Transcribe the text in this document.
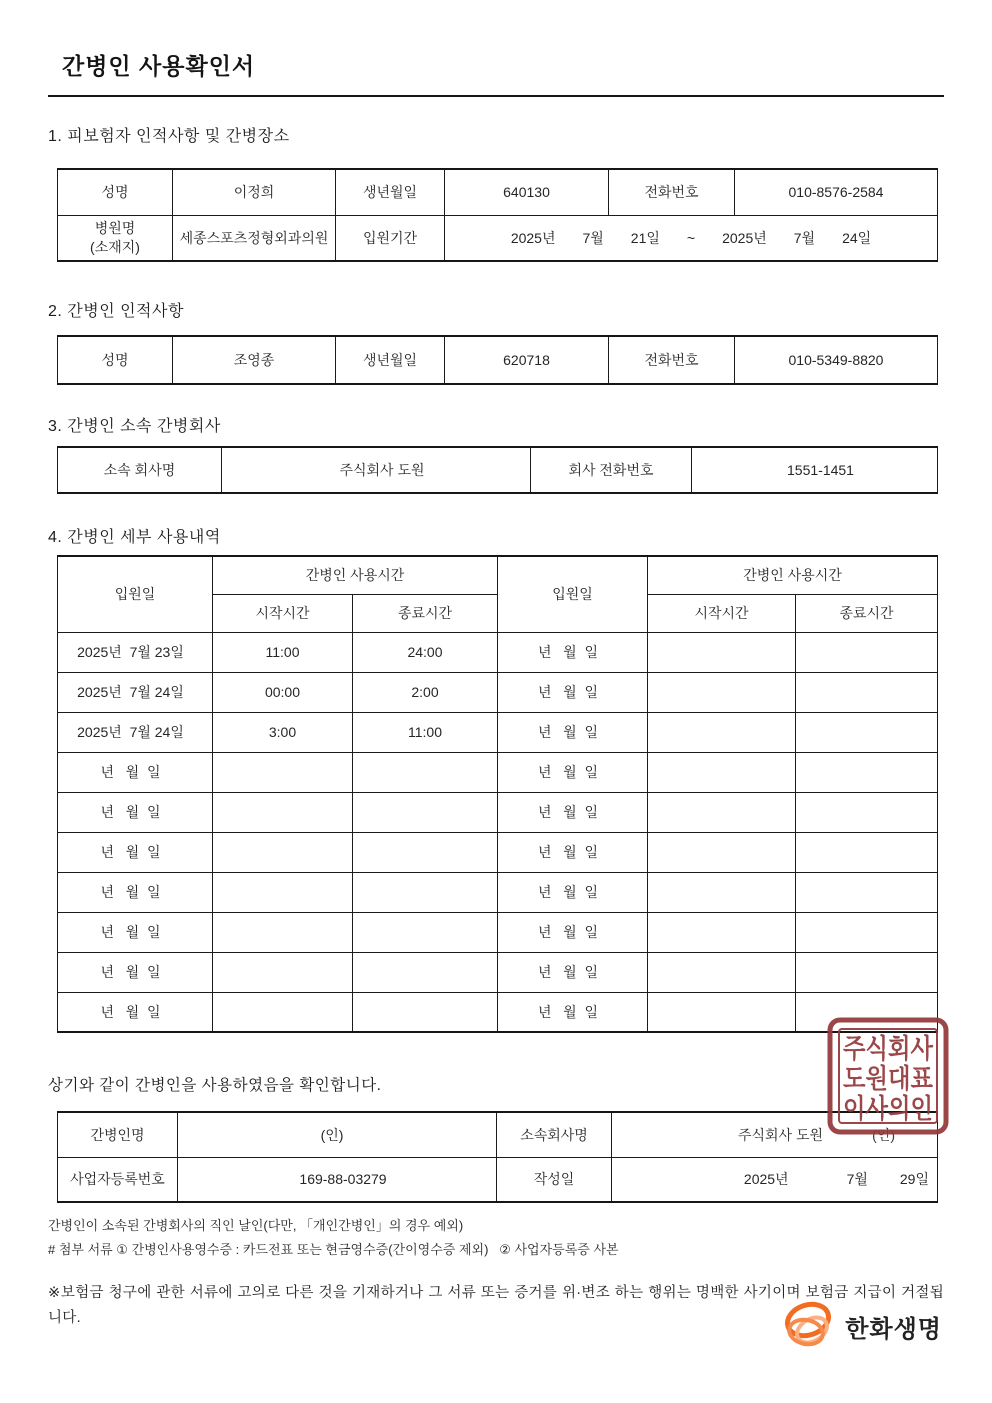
간병인 사용확인서
1. 피보험자 인적사항 및 간병장소
성명	이정희	생년월일	640130	전화번호	010-8576-2584

병원명
(소재지)
	세종스포츠정형외과의원	입원기간	2025년 7월 21일 ~ 2025년 7월 24일
2. 간병인 인적사항
성명	조영종	생년월일	620718	전화번호	010-5349-8820
3. 간병인 소속 간병회사
소속 회사명	주식회사 도원	회사 전화번호	1551-1451
4. 간병인 세부 사용내역
입원일	간병인 사용시간		입원일	간병인 사용시간	
	시작시간	종료시간		시작시간	종료시간
2025년  7월 23일	11:00	24:00	년   월  일		
2025년  7월 24일	00:00	2:00	년   월  일		
2025년  7월 24일	3:00	11:00	년   월  일		
년   월  일			년   월  일		
년   월  일			년   월  일		
년   월  일			년   월  일		
년   월  일			년   월  일		
년   월  일			년   월  일		
년   월  일			년   월  일		
년   월  일			년   월  일		

상기와 같이 간병인을 사용하였음을 확인합니다.

간병인명	(인)	소속회사명	주식회사 도원 (인)

사업자등록번호	169-88-03279	작성일	2025년 7월 29일
간병인이 소속된 간병회사의 직인 날인(다만, 「개인간병인」의 경우 예외)
# 첨부 서류 ① 간병인사용영수증 : 카드전표 또는 현금영수증(간이영수증 제외)   ② 사업자등록증 사본

※보험금 청구에 관한 서류에 고의로 다른 것을 기재하거나 그 서류 또는 증거를 위·변조 하는 행위는 명백한 사기이며 보험금 지급이 거절됩니다.

주식회사
도원대표
이사의인
한화생명
